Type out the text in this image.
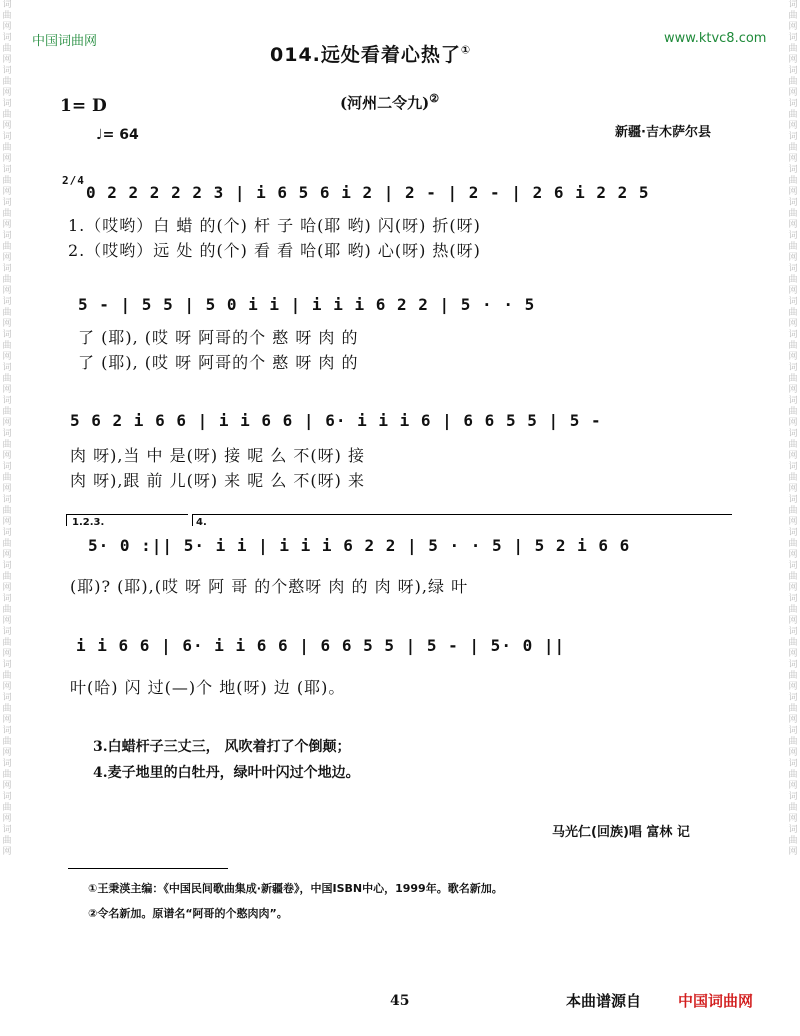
词曲网词曲网词曲网词曲网词曲网词曲网词曲网词曲网词曲网词曲网词曲网词曲网词曲网词曲网词曲网词曲网词曲网词曲网词曲网词曲网词曲网词曲网词曲网词曲网词曲网词曲网
词曲网词曲网词曲网词曲网词曲网词曲网词曲网词曲网词曲网词曲网词曲网词曲网词曲网词曲网词曲网词曲网词曲网词曲网词曲网词曲网词曲网词曲网词曲网词曲网词曲网词曲网
中国词曲网	www.ktvc8.com
014.远处看着心热了①
(河州二令九)②
1= D
♩= 64	新疆·吉木萨尔县
2/4
0 2 2 2 2 2 3 | i 6 5 6 i 2 | 2 - | 2 - | 2 6 i 2 2 5
1.（哎哟）白 蜡 的(个) 杆 子 哈(耶 哟) 闪(呀) 折(呀)
2.（哎哟）远 处 的(个) 看 看 哈(耶 哟) 心(呀) 热(呀)
5 - | 5 5 | 5 0 i i | i i i 6 2 2 | 5 · · 5
了 (耶), (哎 呀 阿哥的个 憨 呀 肉 的
了 (耶), (哎 呀 阿哥的个 憨 呀 肉 的
5 6 2 i 6 6 | i i 6 6 | 6· i i i 6 | 6 6 5 5 | 5 -
肉 呀),当 中 是(呀) 接 呢 么 不(呀) 接
肉 呀),跟 前 儿(呀) 来 呢 么 不(呀) 来
1.2.3.	4.
5· 0 :|| 5· i i | i i i 6 2 2 | 5 · · 5 | 5 2 i 6 6
(耶)? (耶),(哎 呀 阿 哥 的个憨呀 肉 的 肉 呀),绿 叶
i i 6 6 | 6· i i 6 6 | 6 6 5 5 | 5 - | 5· 0 ||
叶(哈) 闪 过(—)个 地(呀) 边 (耶)。
3.白蜡杆子三丈三， 风吹着打了个倒颠；
4.麦子地里的白牡丹，绿叶叶闪过个地边。
马光仁(回族)唱 富林 记
①王秉渶主编：《中国民间歌曲集成·新疆卷》，中国ISBN中心，1999年。歌名新加。
②令名新加。原谱名“阿哥的个憨肉肉”。
45	本曲谱源自 中国词曲网
